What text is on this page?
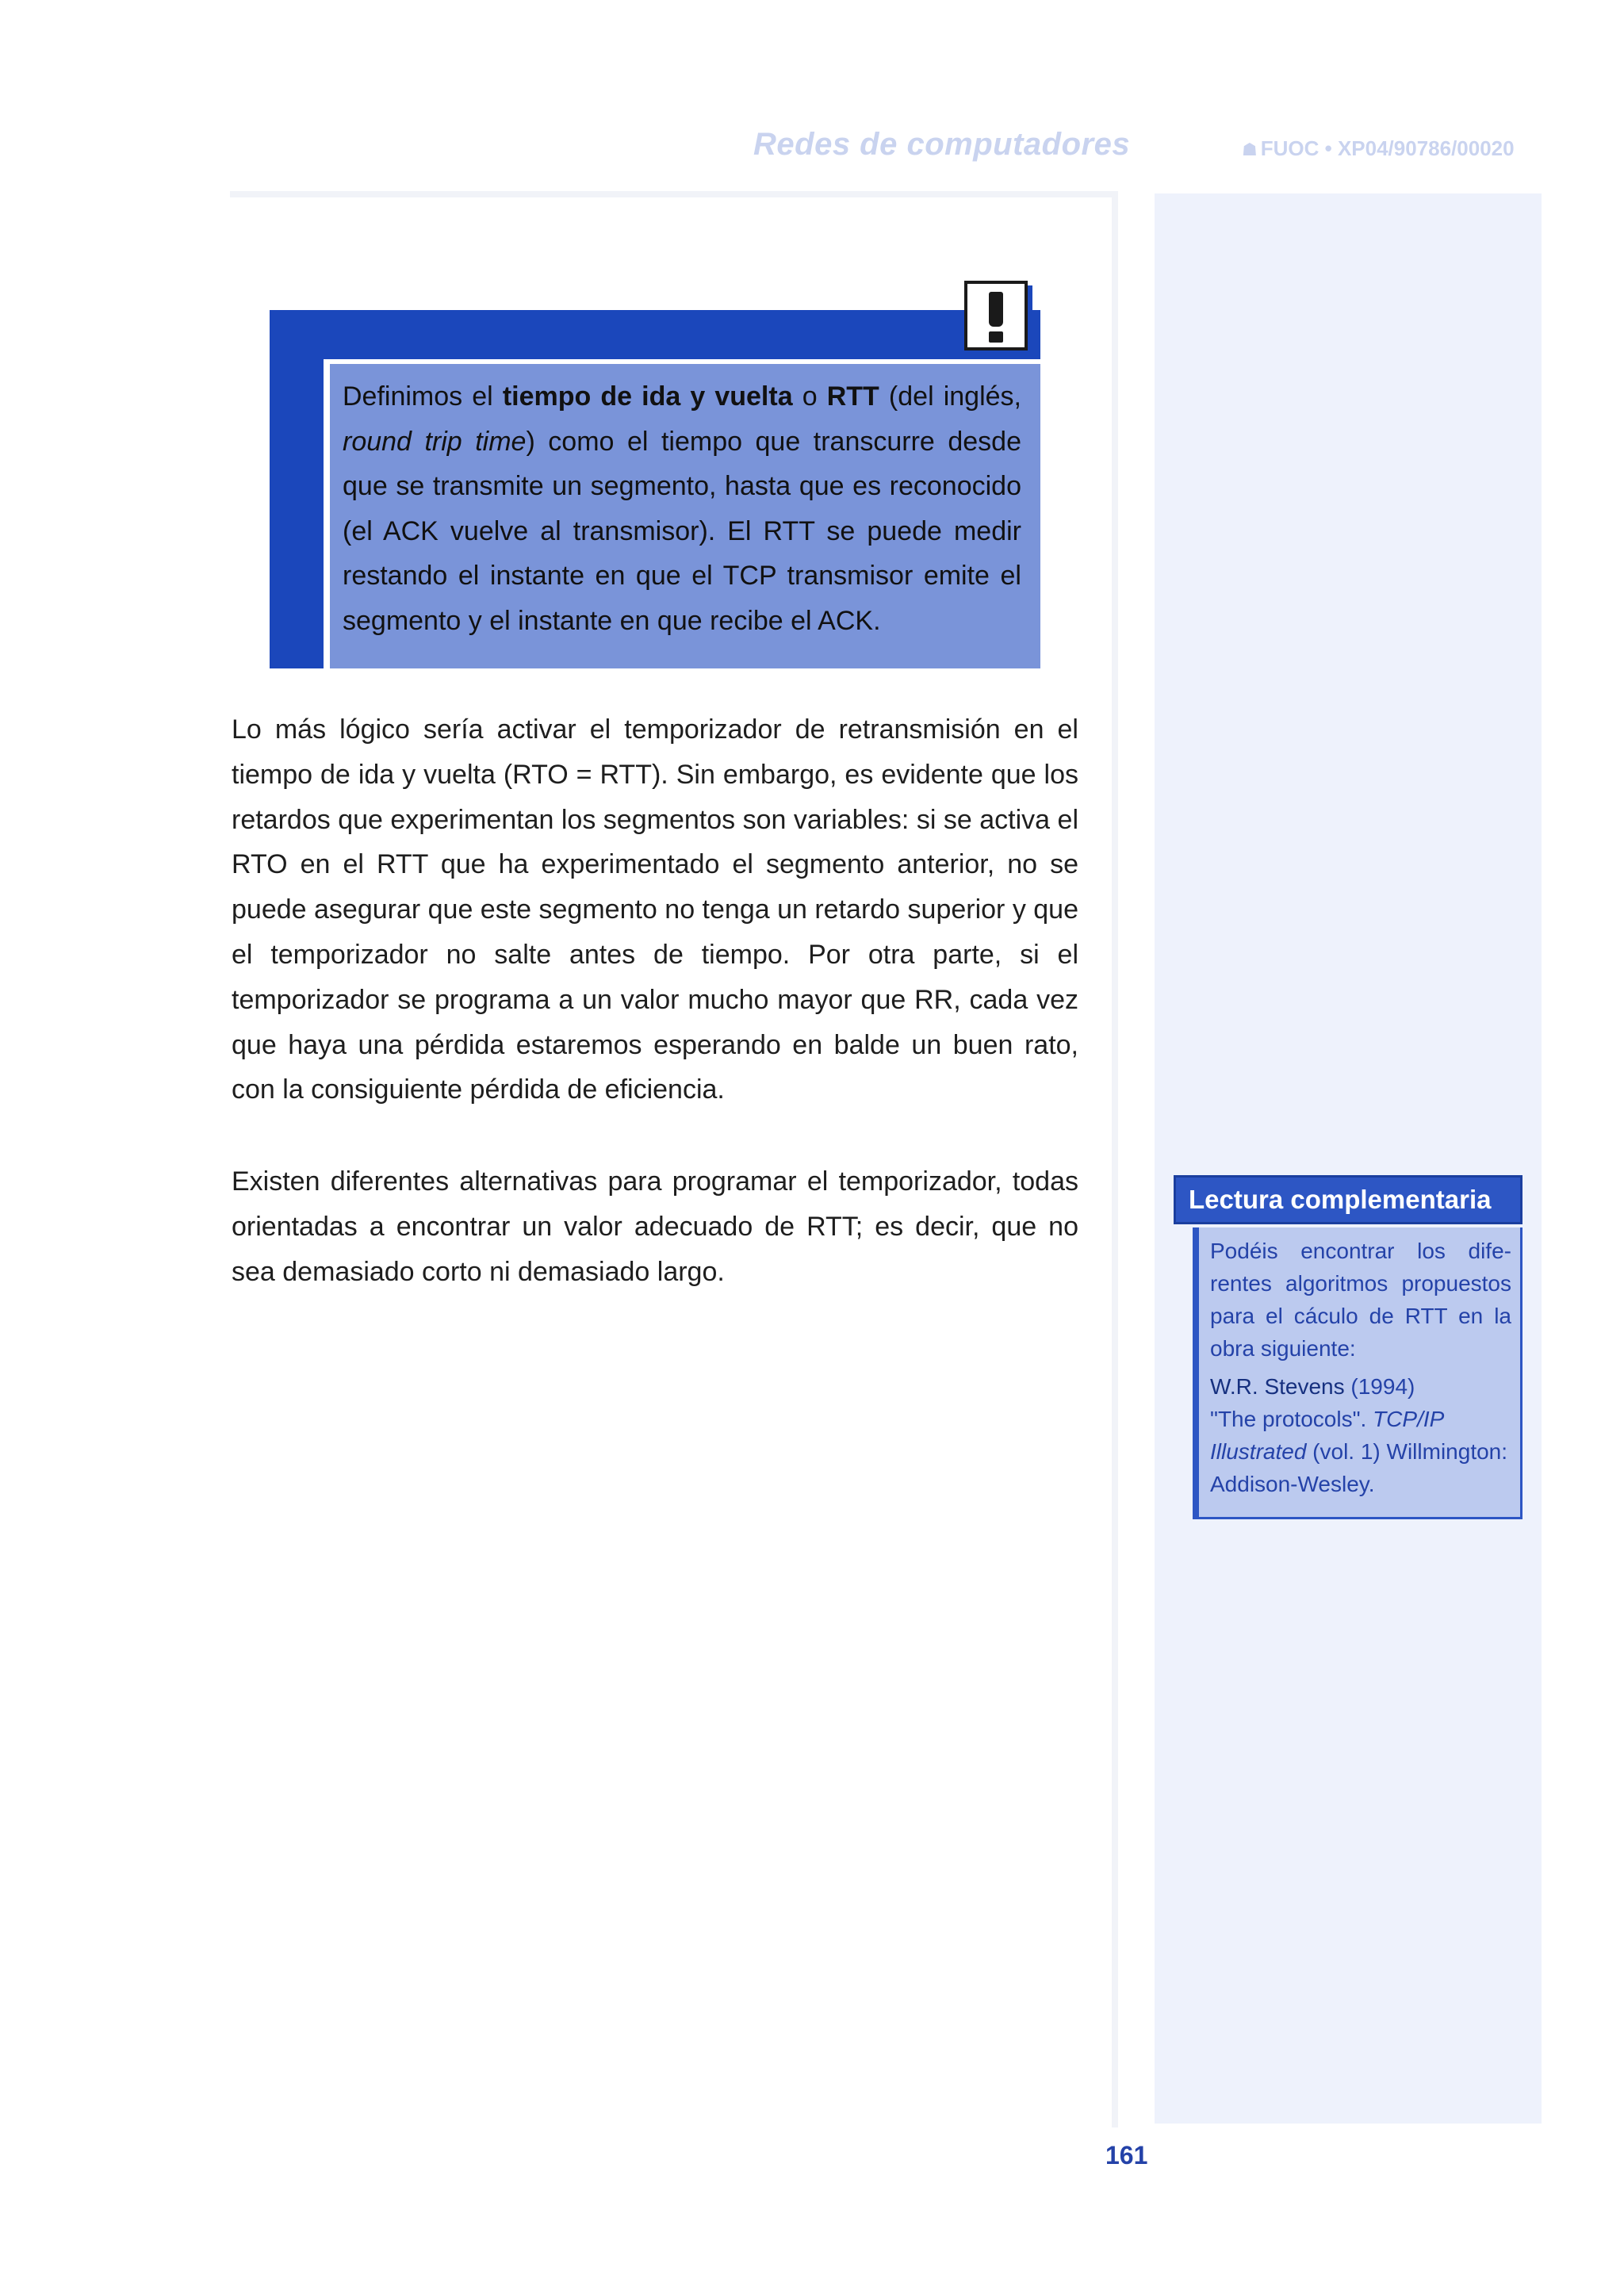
Redes de computadores	☗ FUOC • XP04/90786/00020
ANOTACIONES
Definimos el tiempo de ida y vuelta o RTT (del inglés, round trip time) como el tiempo que transcurre desde que se transmite un segmento, hasta que es reconocido (el ACK vuelve al transmisor). El RTT se puede medir restando el instante en que el TCP transmisor emite el segmento y el instante en que recibe el ACK.

Lo más lógico sería activar el temporizador de retransmisión en el tiempo de ida y vuelta (RTO = RTT). Sin embargo, es evidente que los retardos que experimentan los segmentos son variables: si se activa el RTO en el RTT que ha experimentado el segmento anterior, no se puede asegurar que este segmento no tenga un retardo superior y que el temporizador no salte antes de tiempo. Por otra parte, si el temporizador se programa a un valor mucho mayor que RR, cada vez que haya una pérdida estaremos esperando en balde un buen rato, con la consiguiente pérdida de eficiencia.

Existen diferentes alternativas para programar el temporizador, todas orientadas a encontrar un valor adecuado de RTT; es decir, que no sea demasiado corto ni demasiado largo.

Lectura complementaria
Podéis encontrar los diferentes algoritmos propuestos para el cáculo de RTT en la obra siguiente:
W.R. Stevens (1994)
"The protocols". TCP/IP Illustrated (vol. 1) Willmington: Addison-Wesley.
161
